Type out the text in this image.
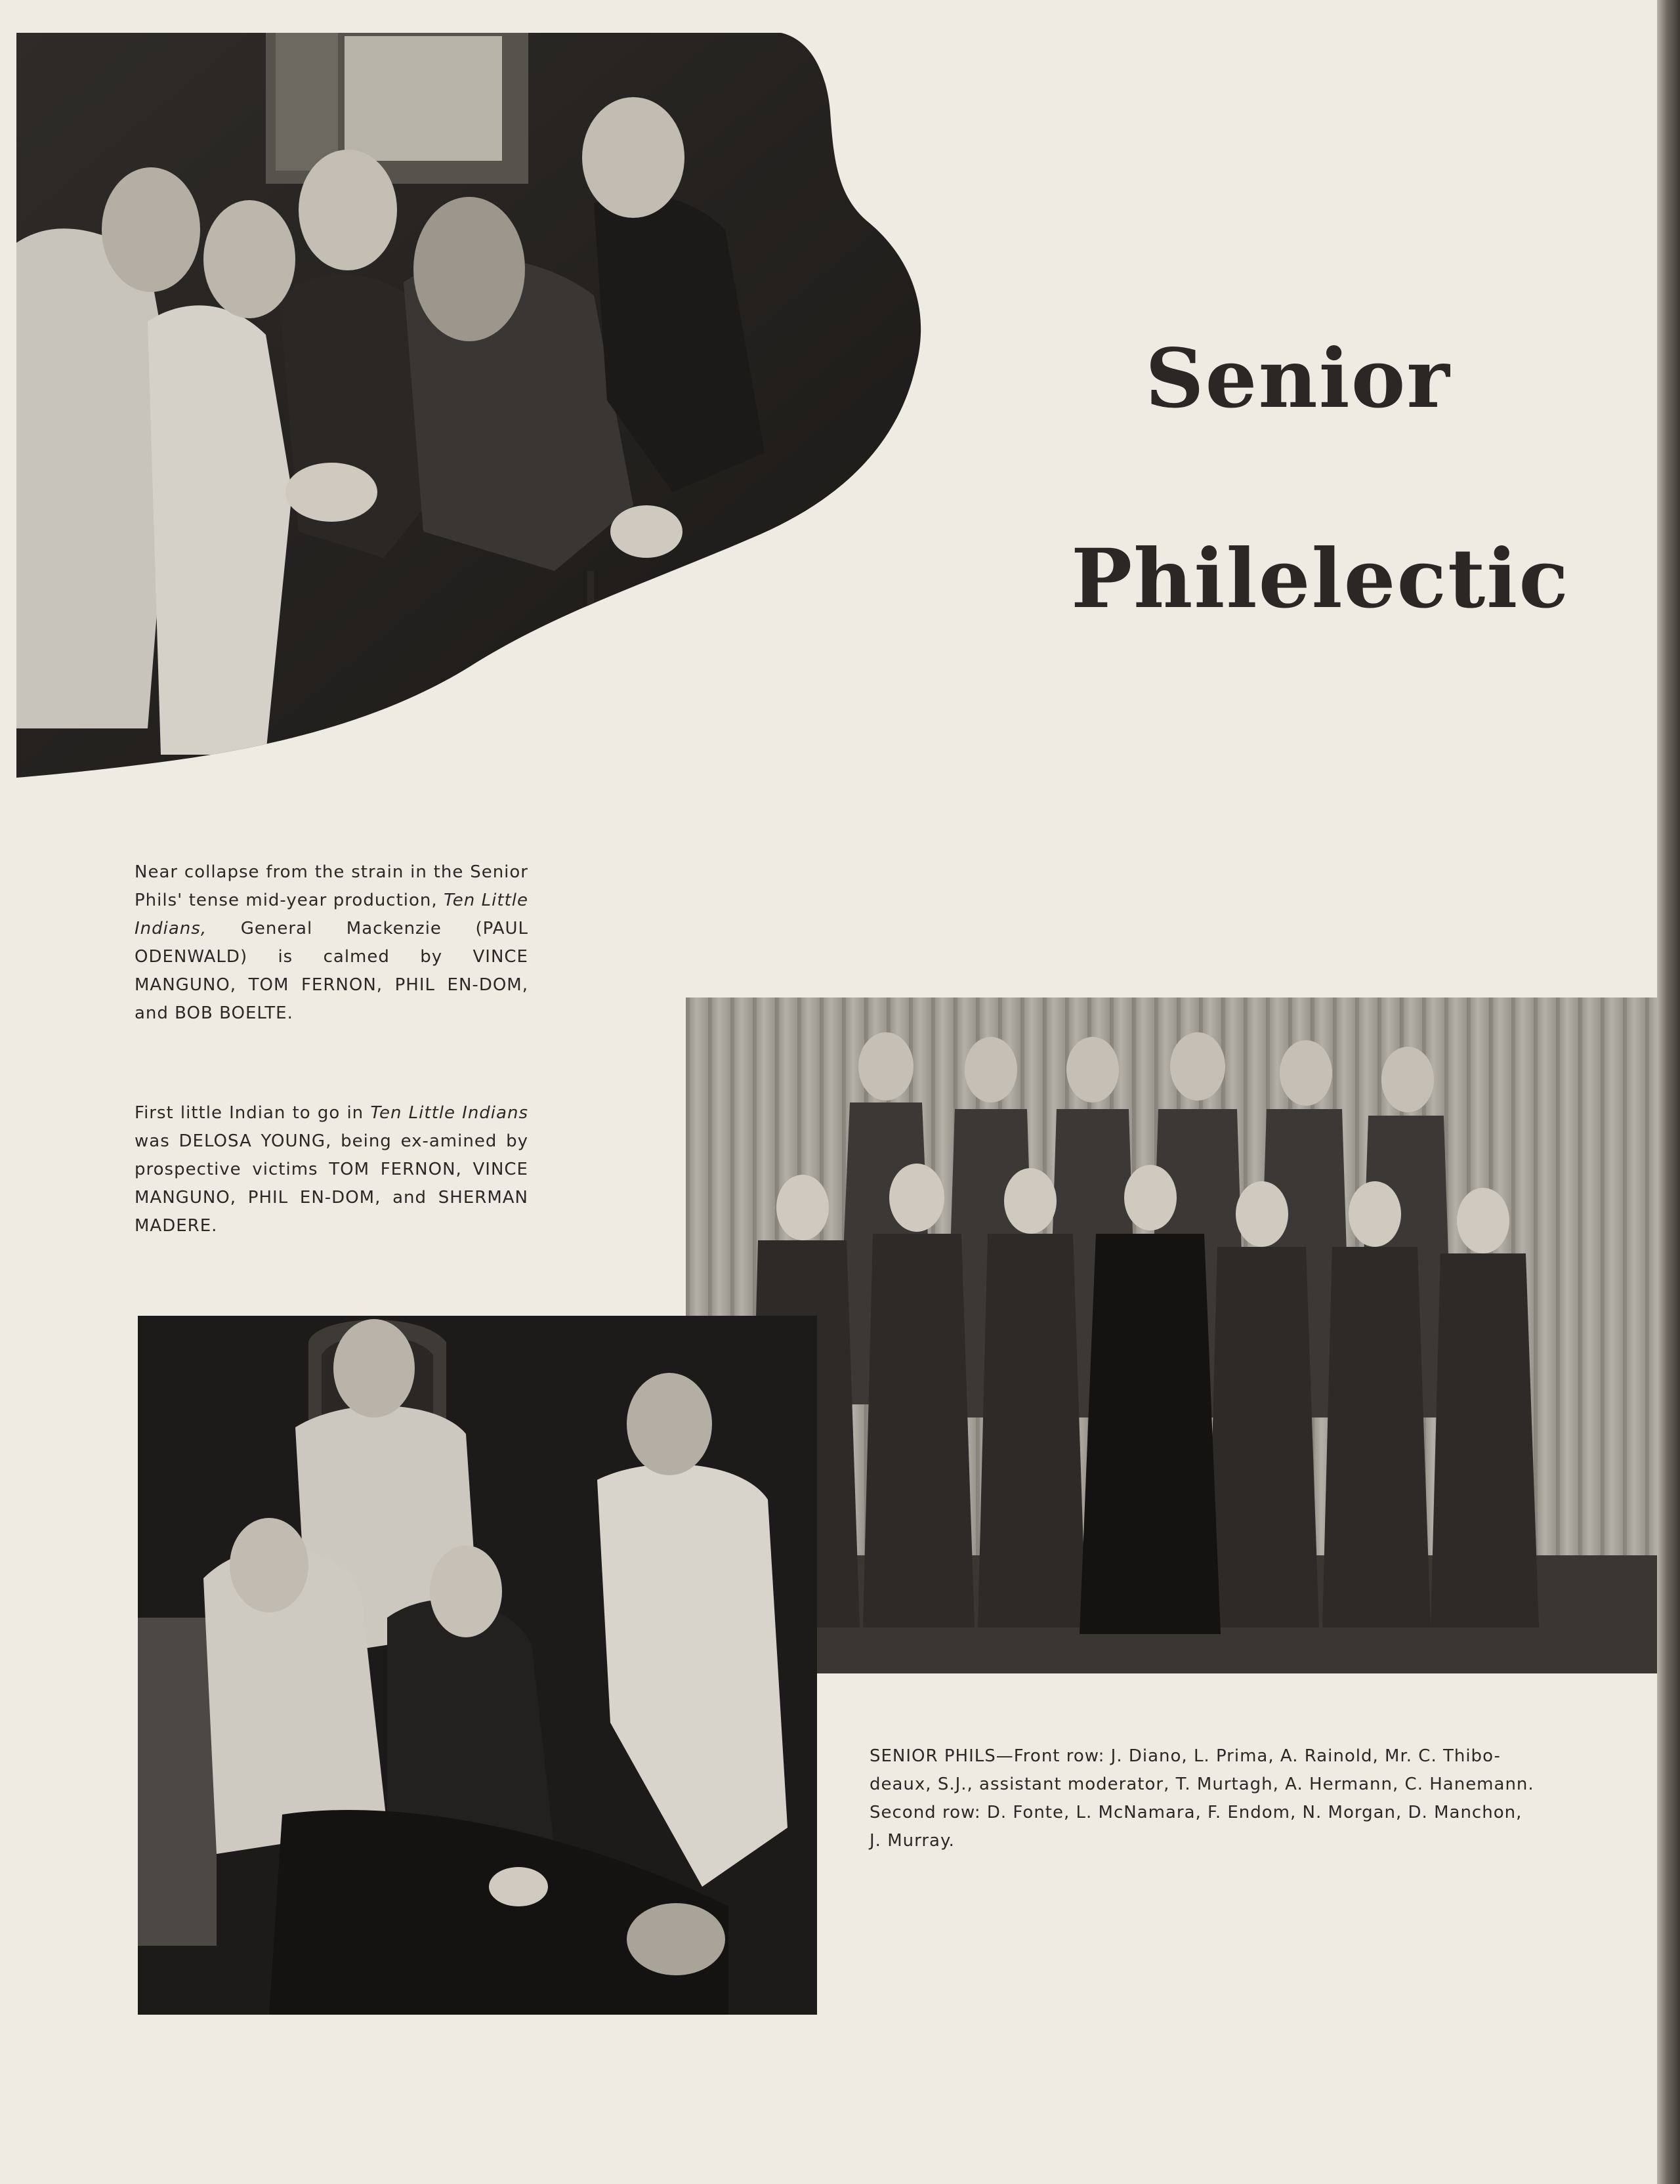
Senior
Philelectic

Near collapse from the strain in the Senior Phils' tense mid-year production, Ten Little Indians, General Mackenzie (PAUL ODENWALD) is calmed by VINCE MANGUNO, TOM FERNON, PHIL EN-DOM, and BOB BOELTE.

First little Indian to go in Ten Little Indians was DELOSA YOUNG, being ex-amined by prospective victims TOM FERNON, VINCE MANGUNO, PHIL EN-DOM, and SHERMAN MADERE.

SENIOR PHILS—Front row: J. Diano, L. Prima, A. Rainold, Mr. C. Thibo-
deaux, S.J., assistant moderator, T. Murtagh, A. Hermann, C. Hanemann.
Second row: D. Fonte, L. McNamara, F. Endom, N. Morgan, D. Manchon,
J. Murray.
